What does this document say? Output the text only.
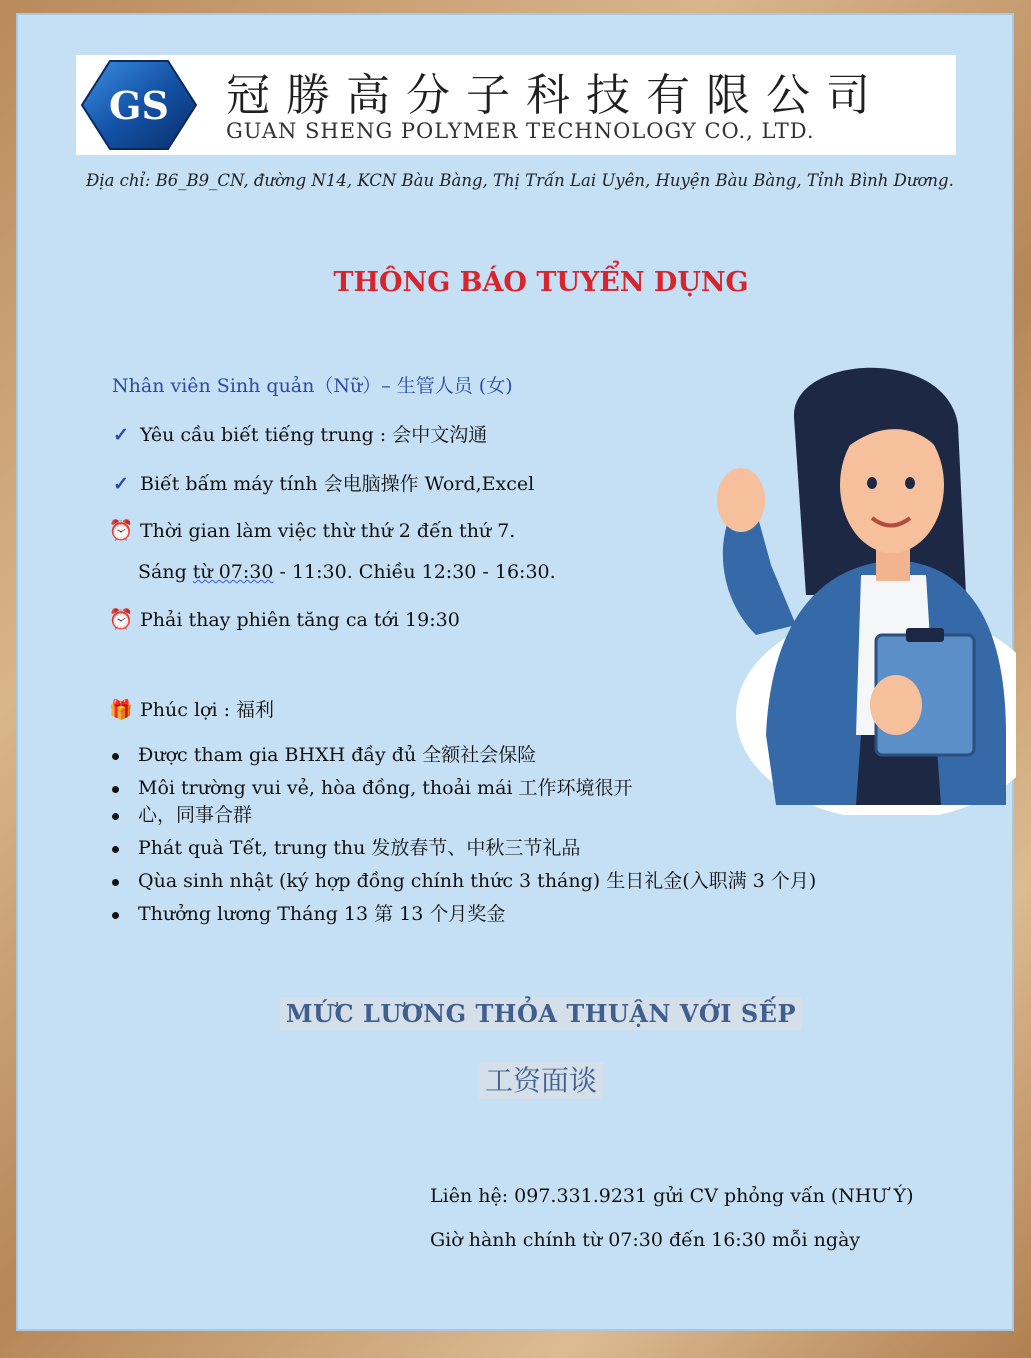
GS 冠勝高分子科技有限公司
GUAN SHENG POLYMER TECHNOLOGY CO., LTD.
Địa chỉ: B6_B9_CN, đường N14, KCN Bàu Bàng, Thị Trấn Lai Uyên, Huyện Bàu Bàng, Tỉnh Bình Dương.
THÔNG BÁO TUYỂN DỤNG
Nhân viên Sinh quản（Nữ）– 生管人员 (女)
✓ Yêu cầu biết tiếng trung : 会中文沟通
✓ Biết bấm máy tính 会电脑操作 Word,Excel
⏰ Thời gian làm việc thừ thứ 2 đến thứ 7.
Sáng từ 07:30 - 11:30. Chiều 12:30 - 16:30.
⏰ Phải thay phiên tăng ca tới 19:30
🎁 Phúc lợi : 福利
Được tham gia BHXH đầy đủ 全额社会保险
Môi trường vui vẻ, hòa đồng, thoải mái 工作环境很开
心，同事合群
Phát quà Tết, trung thu 发放春节、中秋三节礼品
Qùa sinh nhật (ký hợp đồng chính thức 3 tháng) 生日礼金(入职满 3 个月)
Thưởng lương Tháng 13 第 13 个月奖金
MỨC LƯƠNG THỎA THUẬN VỚI SẾP
工资面谈
Liên hệ: 097.331.9231 gửi CV phỏng vấn (NHƯ Ý)
Giờ hành chính từ 07:30 đến 16:30 mỗi ngày
